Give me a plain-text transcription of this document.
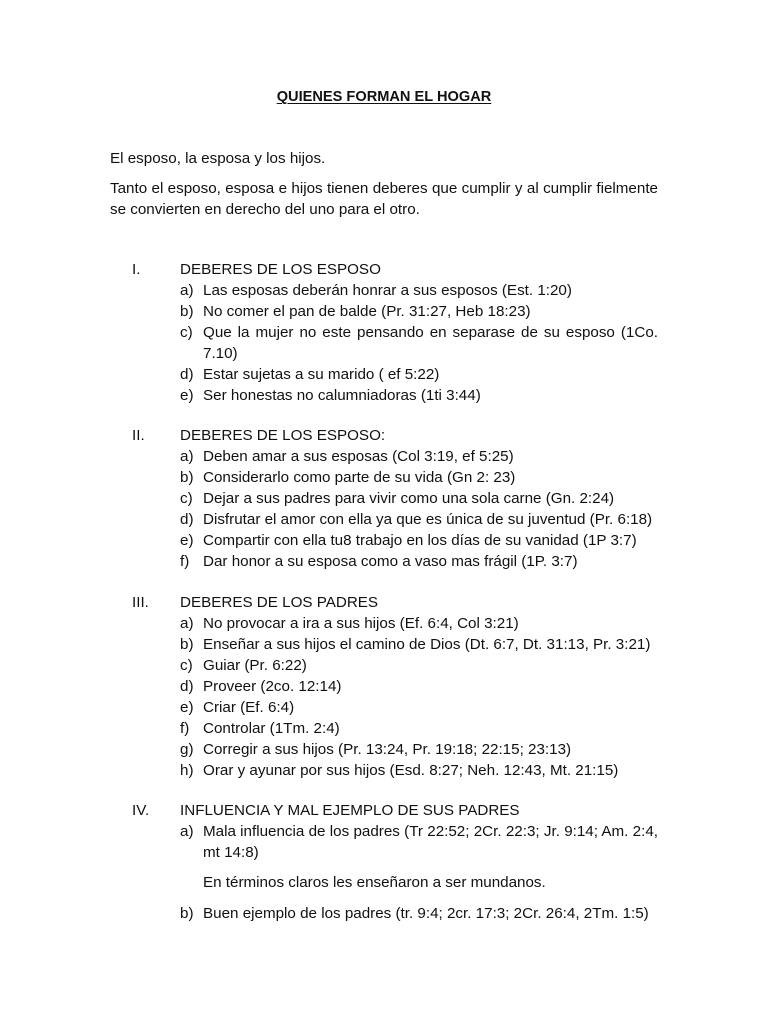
QUIENES FORMAN EL HOGAR
El esposo, la esposa y los hijos.
Tanto el esposo, esposa e hijos tienen deberes que cumplir y al cumplir fielmente se convierten en derecho del uno para el otro.
I.	DEBERES DE LOS ESPOSO
a) Las esposas deberán honrar a sus esposos (Est. 1:20)
b) No comer el pan de balde (Pr. 31:27, Heb 18:23)
c) Que la mujer no este pensando en separase de su esposo (1Co. 7.10)
d) Estar sujetas a su marido ( ef 5:22)
e) Ser honestas no calumniadoras (1ti 3:44)
II. DEBERES DE LOS ESPOSO:
a) Deben amar a sus esposas (Col 3:19, ef 5:25)
b) Considerarlo como parte de su vida (Gn 2: 23)
c) Dejar a sus padres para vivir como una sola carne (Gn. 2:24)
d) Disfrutar el amor con ella ya que es única de su juventud (Pr. 6:18)
e) Compartir con ella tu8 trabajo en los días de su vanidad (1P 3:7)
f) Dar honor a su esposa como a vaso mas frágil (1P. 3:7)
III. DEBERES DE LOS PADRES
a) No provocar a ira a sus hijos (Ef. 6:4, Col 3:21)
b) Enseñar a sus hijos el camino de Dios (Dt. 6:7, Dt. 31:13, Pr. 3:21)
c) Guiar (Pr. 6:22)
d) Proveer (2co. 12:14)
e) Criar (Ef. 6:4)
f) Controlar (1Tm. 2:4)
g) Corregir a sus hijos (Pr. 13:24, Pr. 19:18; 22:15; 23:13)
h) Orar y ayunar por sus hijos (Esd. 8:27; Neh. 12:43, Mt. 21:15)
IV. INFLUENCIA Y MAL EJEMPLO DE SUS PADRES
a) Mala influencia de los padres (Tr 22:52; 2Cr. 22:3; Jr. 9:14; Am. 2:4, mt 14:8)
En términos claros les enseñaron a ser mundanos.
b) Buen ejemplo de los padres (tr. 9:4; 2cr. 17:3; 2Cr. 26:4, 2Tm. 1:5)
